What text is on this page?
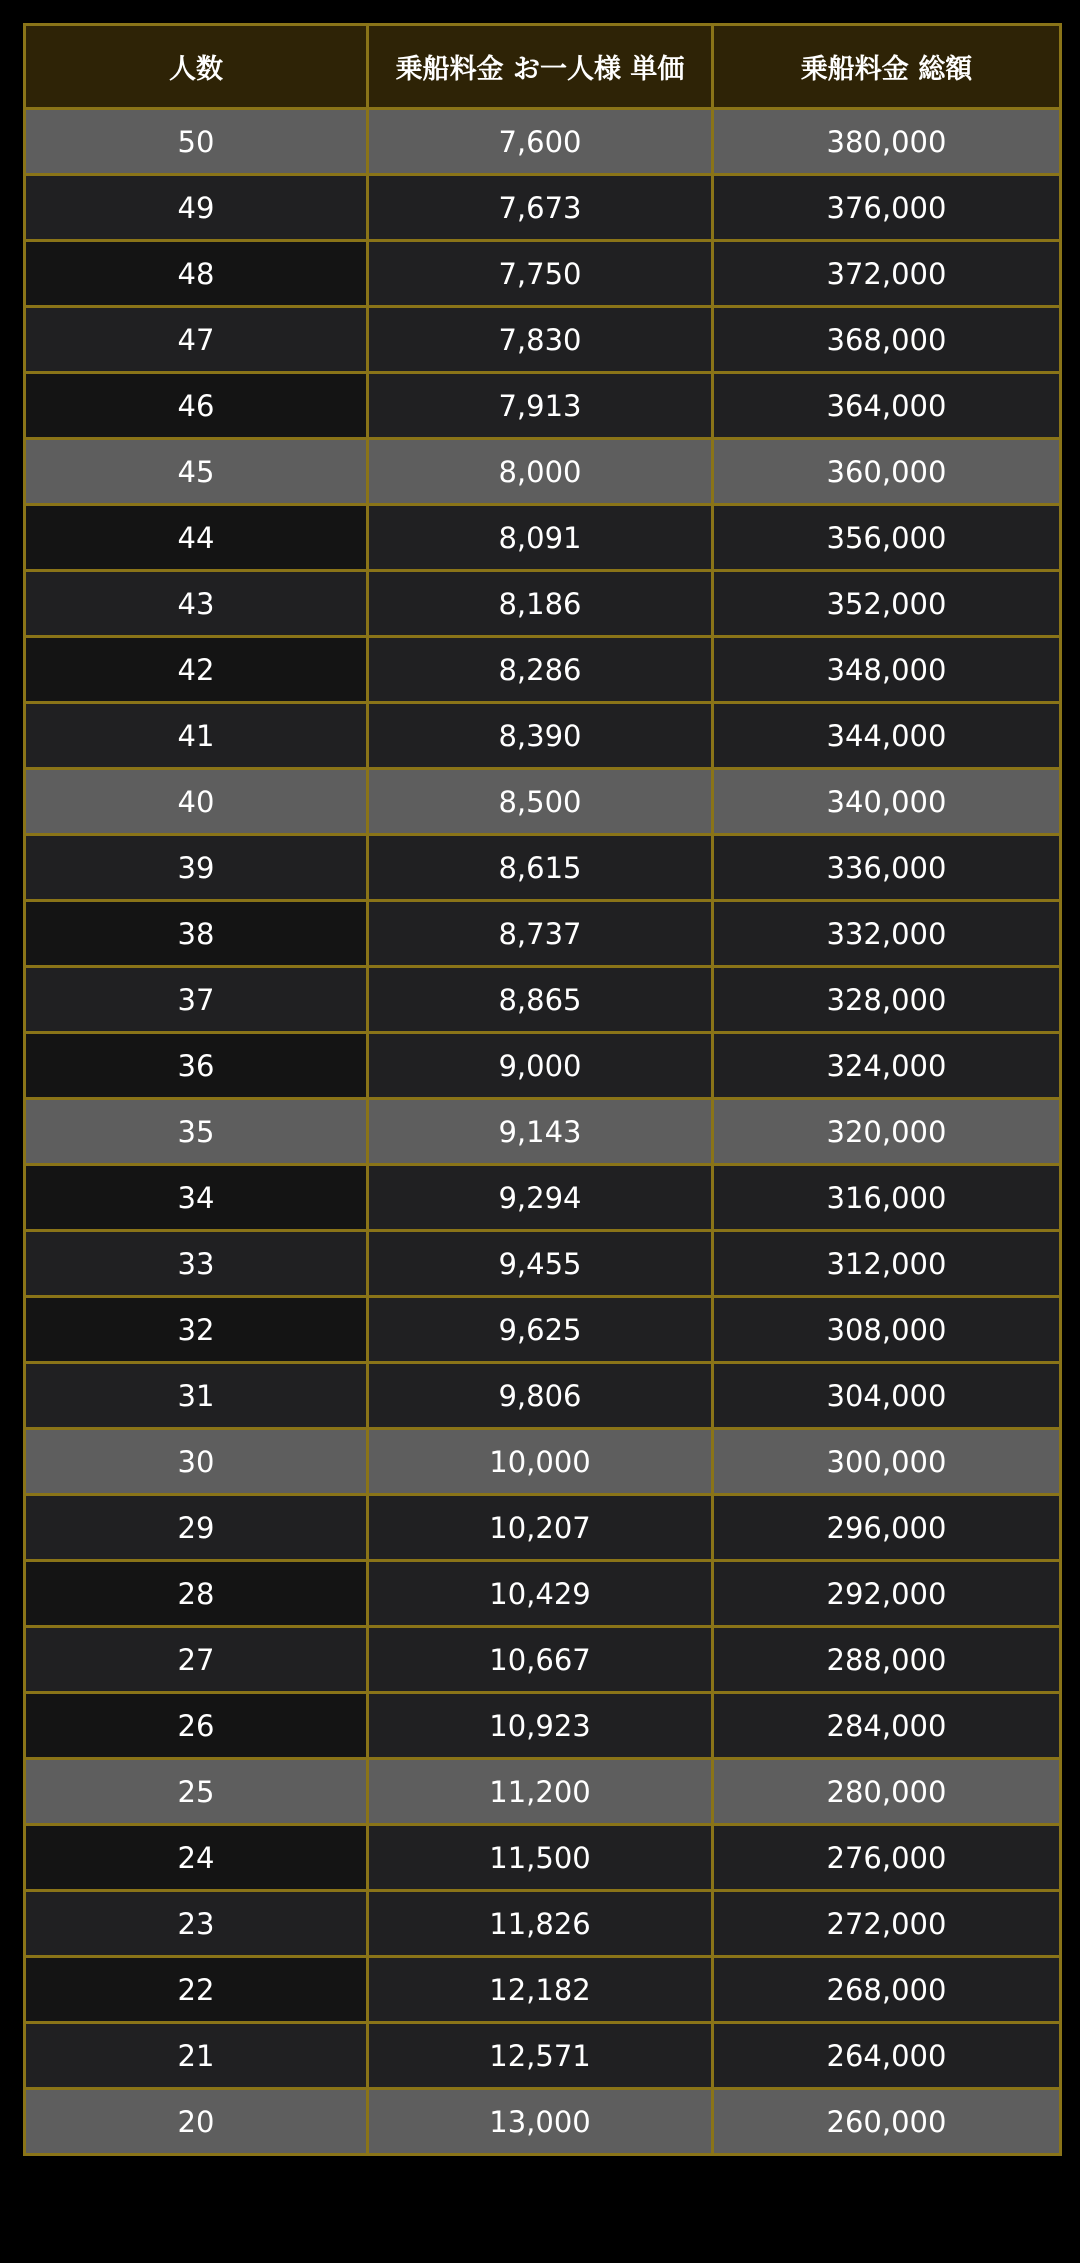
人数	乗船料金 お一人様 単価	乗船料金 総額
50	7,600	380,000
49	7,673	376,000
48	7,750	372,000
47	7,830	368,000
46	7,913	364,000
45	8,000	360,000
44	8,091	356,000
43	8,186	352,000
42	8,286	348,000
41	8,390	344,000
40	8,500	340,000
39	8,615	336,000
38	8,737	332,000
37	8,865	328,000
36	9,000	324,000
35	9,143	320,000
34	9,294	316,000
33	9,455	312,000
32	9,625	308,000
31	9,806	304,000
30	10,000	300,000
29	10,207	296,000
28	10,429	292,000
27	10,667	288,000
26	10,923	284,000
25	11,200	280,000
24	11,500	276,000
23	11,826	272,000
22	12,182	268,000
21	12,571	264,000
20	13,000	260,000
